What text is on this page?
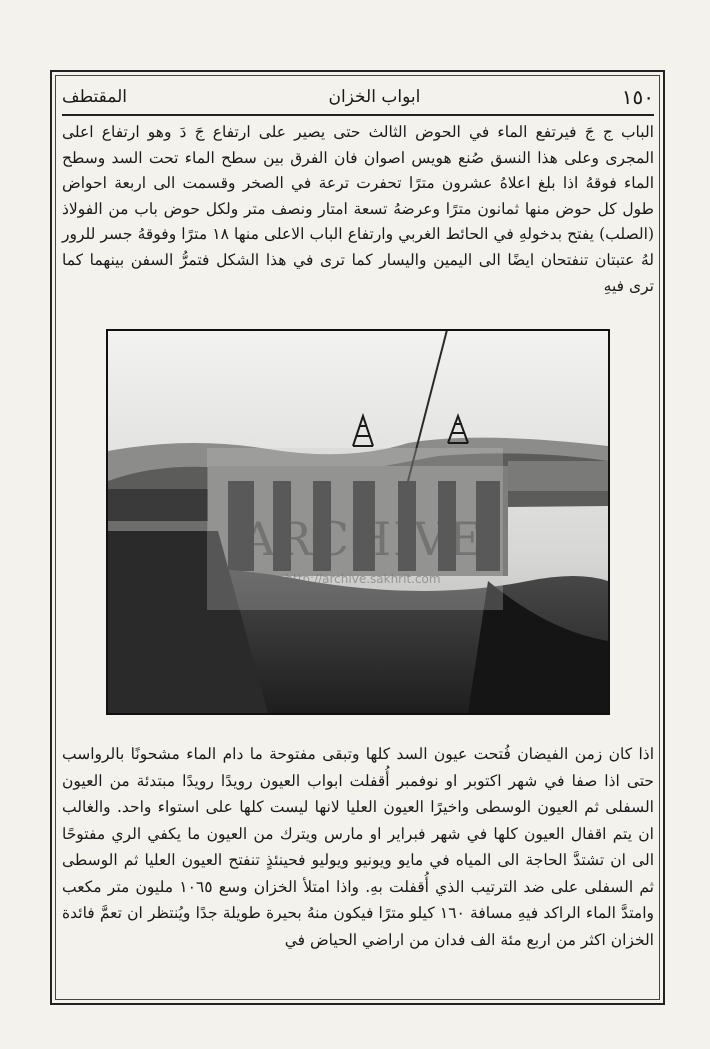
١٥٠
ابواب الخزان
المقتطف
الباب ج جَ فيرتفع الماء في الحوض الثالث حتى يصير على ارتفاع جَ دَ وهو ارتفاع اعلى المجرى وعلى هذا النسق صُنع هويس اصوان فان الفرق بين سطح الماء تحت السد وسطح الماء فوقهُ اذا بلغ اعلاهُ عشرون مترًا تحفرت ترعة في الصخر وقسمت الى اربعة احواض طول كل حوض منها ثمانون مترًا وعرضهُ تسعة امتار ونصف متر ولكل حوض باب من الفولاذ (الصلب) يفتح بدخولهِ في الحائط الغربي وارتفاع الباب الاعلى منها ١٨ مترًا وفوقهُ جسر للرور لهُ عتبتان تنفتحان ايضًا الى اليمين واليسار كما ترى في هذا الشكل فتمرُّ السفن بينهما كما ترى فيهِ
ARCHIVE
http://archive.sakhrit.com
اذا كان زمن الفيضان فُتحت عيون السد كلها وتبقى مفتوحة ما دام الماء مشحونًا بالرواسب حتى اذا صفا في شهر اكتوبر او نوفمبر أُقفلت ابواب العيون رويدًا رويدًا مبتدئة من العيون السفلى ثم العيون الوسطى واخيرًا العيون العليا لانها ليست كلها على استواء واحد. والغالب ان يتم اقفال العيون كلها في شهر فبراير او مارس ويترك من العيون ما يكفي الري مفتوحًا الى ان تشتدَّ الحاجة الى المياه في مايو ويونيو ويوليو فحينئذٍ تنفتح العيون العليا ثم الوسطى ثم السفلى على ضد الترتيب الذي أُقفلت بهِ. واذا امتلأ الخزان وسع ١٠٦٥ مليون متر مكعب وامتدَّ الماء الراكد فيهِ مسافة ١٦٠ كيلو مترًا فيكون منهُ بحيرة طويلة جدًا ويُنتظر ان تعمَّ فائدة الخزان اكثر من اربع مئة الف فدان من اراضي الحياض في
